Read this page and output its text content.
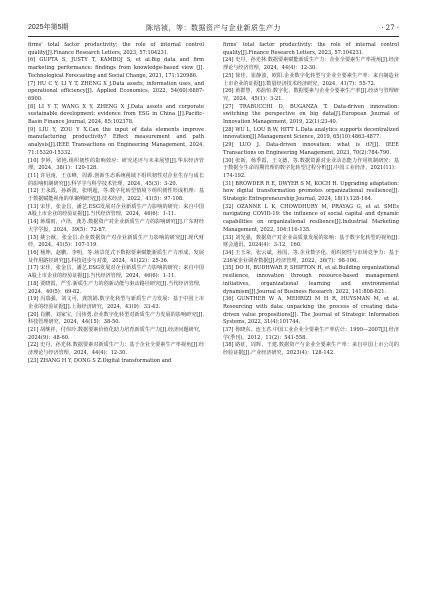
2025年第5期	陈培祯，等：数据资产与企业新质生产力	· 27 ·

firms' total factor productivity; the role of internal control quality[J].Finance Research Letters, 2023, 57:104231.

[6] GUPTA S, JUSTY T, KAMBOJ S, et al.Big data and firm marketing performance: findings from knowledge-based view [J]. Technological Forecasting and Social Change, 2021, 171:120986.

[7] HU C Y, LI Y T, ZHENG X J.Data assets, information uses, and operational efficiency[J]. Applied Economics, 2022, 54(60):6887-6900.

[8] LI Y T, WANG X Y, ZHENG X J.Data assets and corporate sustainable development: evidence from ESG in China [J].Pacific-Basin Finance Journal, 2024, 85:102378.

[9] LIU Y, ZOU Y X.Can the input of data elements improve manufacturing productivity? Effect measurement and path analysis[J].IEEE Transactions on Engineering Management, 2024, 71:15320-15332.

[10] 李婷，梁艳.组织韧性的影响效应：研究述评与未来展望[J].华东经济管理，2024，38(1)：120-128.

[11] 许冠南，王彦峰，周源.创新生态系统视域下组织韧性对企业生存与成长的影响机制研究[J].科学学与科学技术管理，2024，45(3)：3-20.

[12] 王永霞，孙新波，张明超，等.数字化转型情境下组织韧性形成机理：基于数据赋能视角的单案例研究[J].技术经济，2022，41(5)：97-108.

[13] 宋佳，张金昌，潘艺.ESG发展对企业新质生产力影响的研究：来自中国A股上市企业的经验证据[J].当代经济管理，2024，46(6)：1-11.

[14] 蒋瑞雨，卢泽，龚芳.数据资产对企业新质生产力的影响研究[J].广东财经大学学报，2024，39(5)：72-87.

[15] 姚公猷，张金昌.企业数据资产对企业新质生产力影响的研究[J].现代财经，2024，41(5)：107-119.

[16] 杨坤，赵鹏，李明，等.场景范式下数据要素赋能新质生产力形成、发展及作用路径研究[J].科技进步与对策，2024，41(22)：25-36.

[17] 宋佳，张金昌，潘艺.ESG发展对企业新质生产力影响的研究：来自中国A股上市企业的经验证据[J].当代经济管理，2024，46(6)：1-11.

[18] 贾晓霞，严雪.新质生产力的创新动能与驱动路径研究[J].当代经济管理，2024，40(5)：69-82.

[19] 冯瑞强，刘文可，龚凯娟.数字化转型与新质生产力发展：基于中国上市企业的经验证据[J].上海经济研究，2024，43(9)：33-43.

[20] 肖鹏，刘家宝，闫伟勇.企业数字化转型对新质生产力发展的影响研究[J].科技管理研究，2024，44(15)：38-50.

[21] 胡继祥，付伟玲.数据要素价值化助力培育新质生产力[J].经济问题研究，2024(9)：48-60.

[22] 史丹，孙光林.数据要素对新质生产力：基于企业全要素生产率视角[J].经济理论与经济管理，2024，44(4)：12-30.

[23] ZHANG H Y, DONG S Z.Digital transformation and

firms' total factor productivity: the role of internal control quality[J].Finance Research Letters, 2023, 57:104231.

[24] 史丹，孙光林.数据要素赋能新质生产力：企业全要素生产率视角[J].经济理论与经济管理，2024，44(4)：12-30.

[25] 徐佳，崔静波，欧阳.企业数字化转型与企业全要素生产率：来自制造业上市企业的证据[J].数量经济技术经济研究，2024，41(7)：55-72.

[26] 黄群慧，邓曲恒.数字化、数据要素与企业全要素生产率[J].经济与管理研究，2024，45(1)：3-21.

[27] TRABUCCHI D, BUGANZA T. Data-driven innovation: switching the perspective on big data[J].European Journal of Innovation Management, 2019, 22(1):23-40.

[28] WU L, LOU B W, HITT L.Data analytics supports decentralized innovation[J].Management Science, 2019, 65(10):4863-4877.

[29] LUO J. Data-driven innovation: what is it?[J]. IEEE Transactions on Engineering Management, 2023, 70(2):784-790.

[30] 张新，杨季霞，王文德，等.数据资源对企业动态能力作用机制研究：基于数据全生命周期管理的数字化转型过程分析[J].中国工业经济，2021(11)：174-192.

[31] BROWDER R E, DWYER S M, KOCH H. Upgrading adaptation: how digital transformation promotes organizational resilience[J]. Strategic Entrepreneurship Journal, 2024, 18(1):128-164.

[32] OZANNE L K, CHOWDHURY M, PRAYAG G, et al. SMEs navigating COVID-19: the influence of social capital and dynamic capabilities on organizational resilience[J].Industrial Marketing Management, 2022, 104:116-135.

[33] 刘光强，数据资产对企业高质量发展的影响：基于数字化转型的视角[J].财会通讯，2024(4)：3-12，160.

[34] 王玉荣，张云斌，孙国，等.企业数字化、组织韧性与市场竞争力：基于236家企业调查数据[J].经济管理，2022，36(7)：98-106.

[35] DO H, BUDHWAR P, SHIPTON H, et al.Building organizational resilience, innovation through resource-based management initiatives, organizational learning and environmental dynamism[J].Journal of Business Research, 2022, 141:808-821.

[36] GUNTHER W A, MEHRIZI M H R, HUYSMAN M, et al. Resourcing with data: unpacking the process of creating data-driven value propositions[J]. The Journal of Strategic Information Systems, 2022, 31(4):101744.

[37] 鲁晓东，连玉君.中国工业企业全要素生产率估计：1999—2007[J].经济学(季刊)，2012，11(2)：541-558.

[38] 路征，周辉，王建.数据资产与企业全要素生产率：来自中国上市公司的经验证据[J].产业经济研究，2023(4)：128-142.
